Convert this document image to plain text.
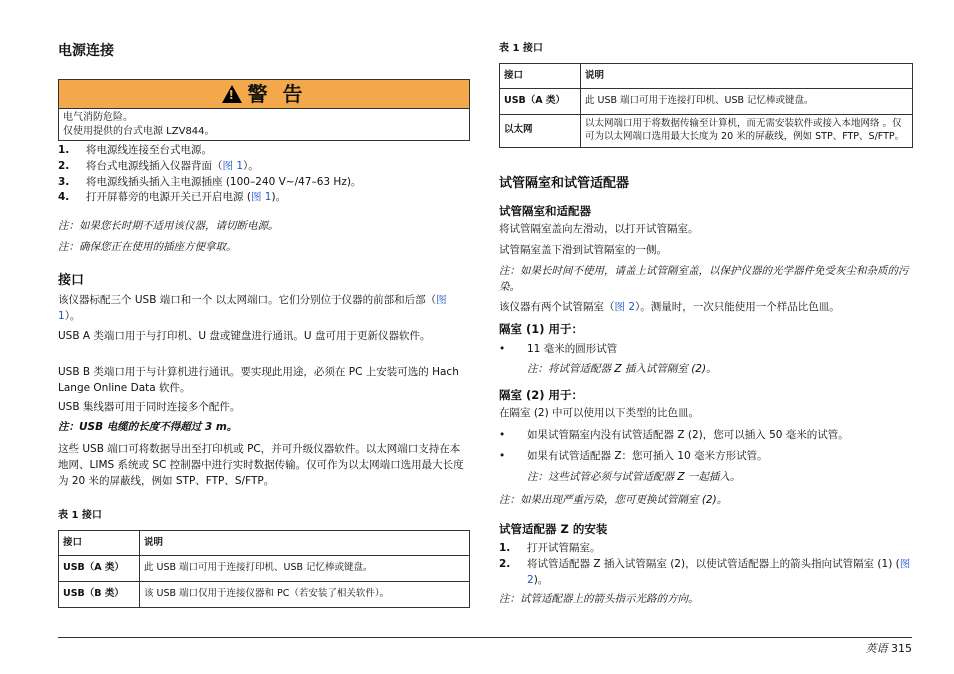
电源连接
! 警 告
电气消防危险。
仅使用提供的台式电源 LZV844。
1.	将电源线连接至台式电源。
2.	将台式电源线插入仪器背面（图 1）。
3.	将电源线插头插入主电源插座 (100–240 V~/47–63 Hz)。
4.	打开屏幕旁的电源开关已开启电源 (图 1)。

注：如果您长时期不适用该仪器，请切断电源。

注：确保您正在使用的插座方便拿取。

接口

该仪器标配三个 USB 端口和一个 以太网端口。它们分别位于仪器的前部和后部（图 1）。

USB A 类端口用于与打印机、U 盘或键盘进行通讯。U 盘可用于更新仪器软件。

USB B 类端口用于与计算机进行通讯。要实现此用途，必须在 PC 上安装可选的 Hach Lange Online Data 软件。

USB 集线器可用于同时连接多个配件。

注：USB 电缆的长度不得超过 3 m。

这些 USB 端口可将数据导出至打印机或 PC，并可升级仪器软件。以太网端口支持在本地网、LIMS 系统或 SC 控制器中进行实时数据传输。仅可作为以太网端口选用最大长度为 20 米的屏蔽线，例如 STP、FTP、S/FTP。

表 1 接口

接口	说明
USB（A 类）	此 USB 端口可用于连接打印机、USB 记忆棒或键盘。
USB（B 类）	该 USB 端口仅用于连接仪器和 PC（若安装了相关软件）。

表 1 接口

接口	说明
USB（A 类）	此 USB 端口可用于连接打印机、USB 记忆棒或键盘。
以太网	以太网端口用于将数据传输至计算机，而无需安装软件或接入本地网络 。仅可为以太网端口选用最大长度为 20 米的屏蔽线，例如 STP、FTP、S/FTP。
试管隔室和试管适配器
试管隔室和适配器

将试管隔室盖向左滑动，以打开试管隔室。

试管隔室盖下滑到试管隔室的一侧。

注：如果长时间不使用，请盖上试管隔室盖，以保护仪器的光学器件免受灰尘和杂质的污染。

该仪器有两个试管隔室（图 2）。测量时，一次只能使用一个样品比色皿。

隔室 (1) 用于：
•	11 毫米的圆形试管

注：将试管适配器 Z 插入试管隔室 (2)。

隔室 (2) 用于：

在隔室 (2) 中可以使用以下类型的比色皿。

•	如果试管隔室内没有试管适配器 Z (2)，您可以插入 50 毫米的试管。
•	如果有试管适配器 Z：您可插入 10 毫米方形试管。

注：这些试管必须与试管适配器 Z 一起插入。

注：如果出现严重污染，您可更换试管隔室 (2)。

试管适配器 Z 的安装
1.	打开试管隔室。
2.	将试管适配器 Z 插入试管隔室 (2)，以使试管适配器上的箭头指向试管隔室 (1) (图 2)。

注：试管适配器上的箭头指示光路的方向。

英语 315
